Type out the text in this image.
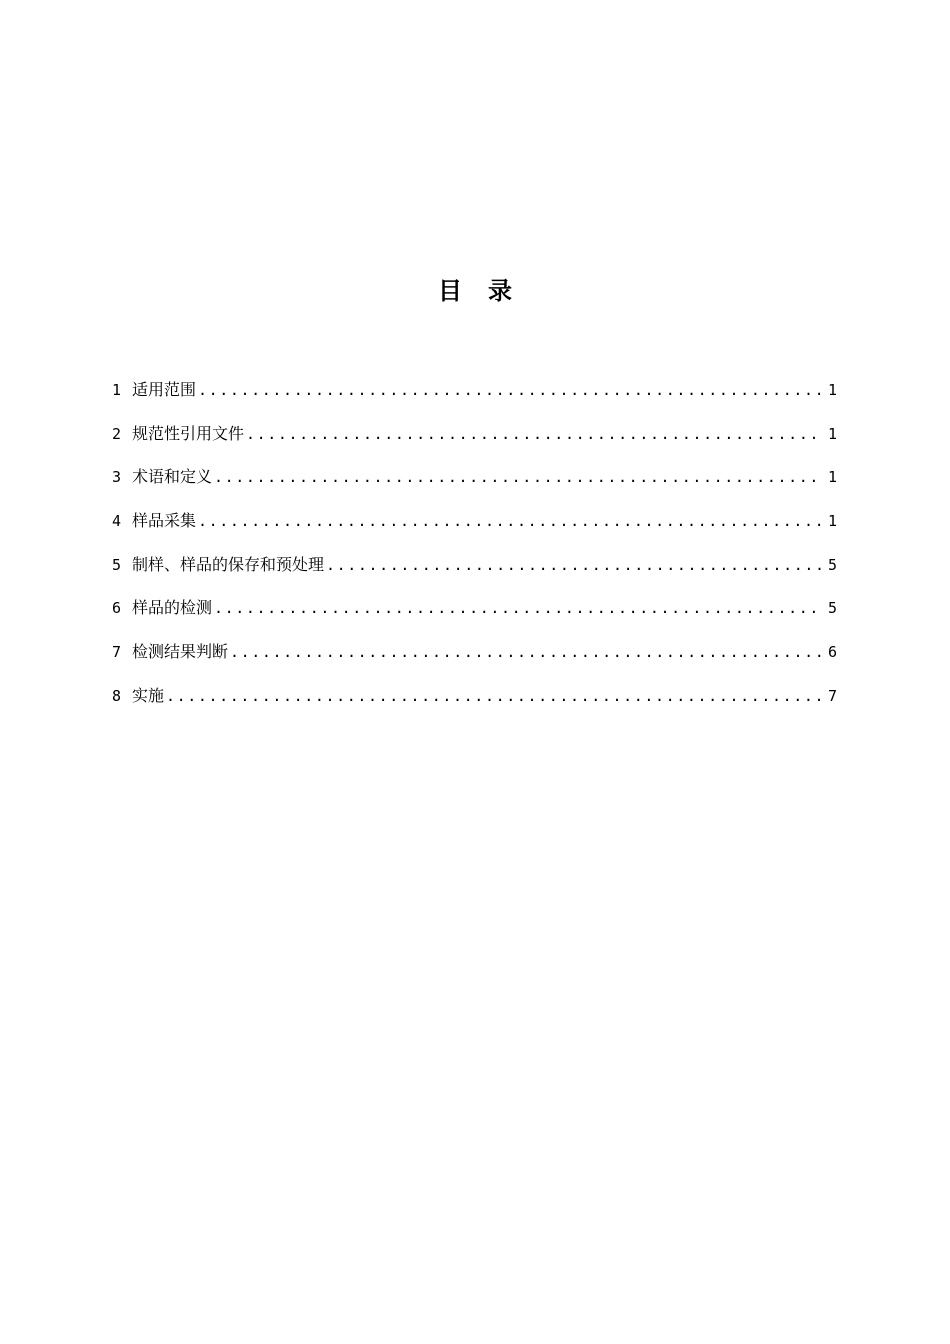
目录
1 适用范围 .....	1
2 规范性引用文件 .....	1
3 术语和定义 .....	1
4 样品采集 .....	1
5 制样、样品的保存和预处理 .....	5
6 样品的检测 .....	5
7 检测结果判断 .....	6
8 实施 .....	7
